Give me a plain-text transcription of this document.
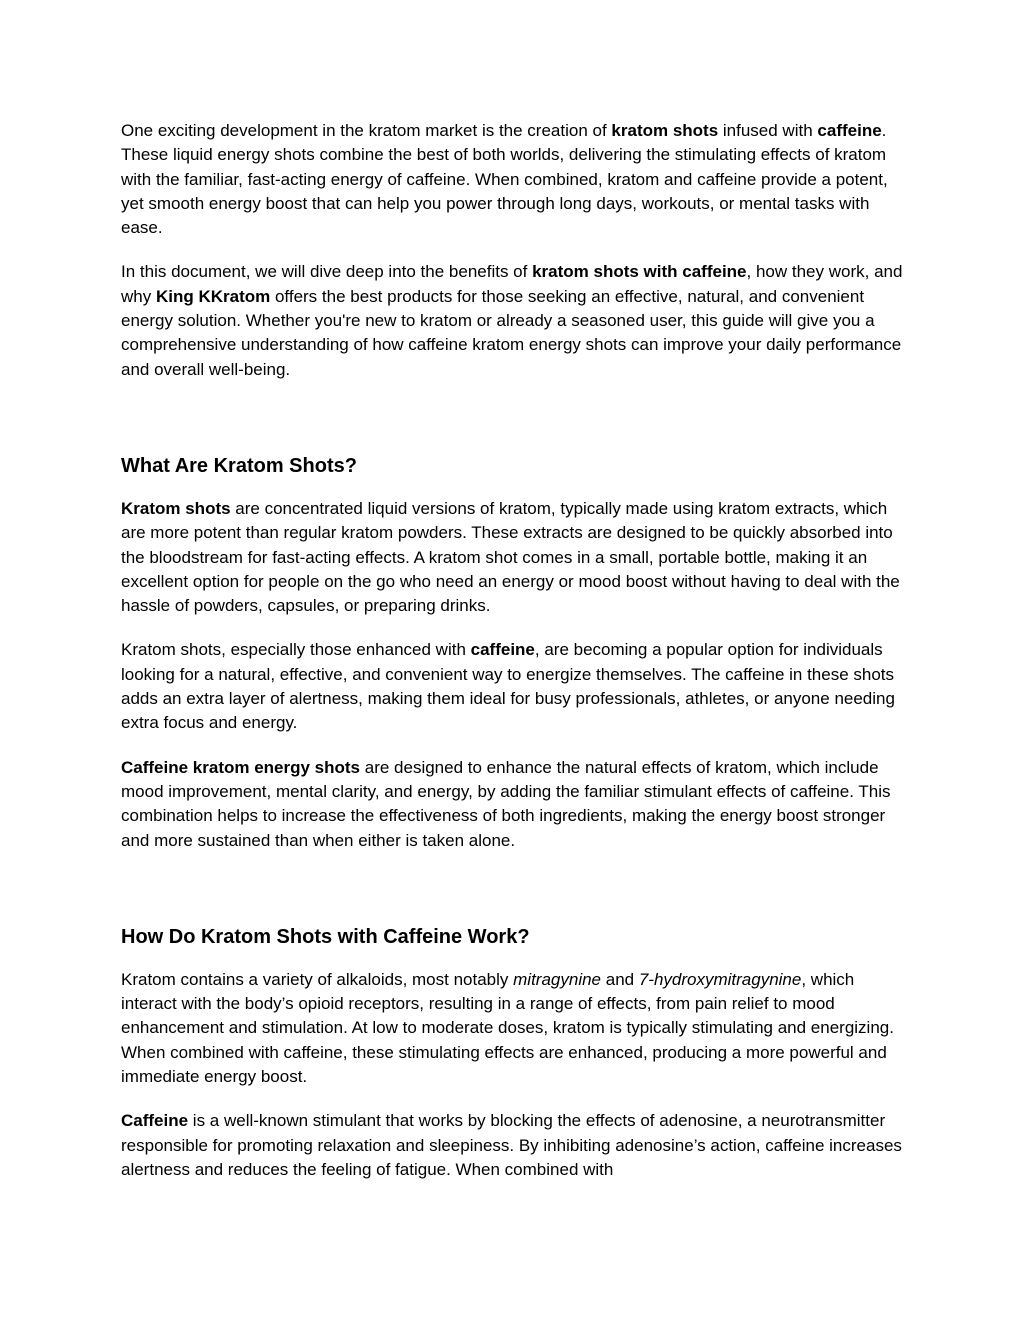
One exciting development in the kratom market is the creation of kratom shots infused with caffeine. These liquid energy shots combine the best of both worlds, delivering the stimulating effects of kratom with the familiar, fast-acting energy of caffeine. When combined, kratom and caffeine provide a potent, yet smooth energy boost that can help you power through long days, workouts, or mental tasks with ease.

In this document, we will dive deep into the benefits of kratom shots with caffeine, how they work, and why King KKratom offers the best products for those seeking an effective, natural, and convenient energy solution. Whether you're new to kratom or already a seasoned user, this guide will give you a comprehensive understanding of how caffeine kratom energy shots can improve your daily performance and overall well-being.

What Are Kratom Shots?

Kratom shots are concentrated liquid versions of kratom, typically made using kratom extracts, which are more potent than regular kratom powders. These extracts are designed to be quickly absorbed into the bloodstream for fast-acting effects. A kratom shot comes in a small, portable bottle, making it an excellent option for people on the go who need an energy or mood boost without having to deal with the hassle of powders, capsules, or preparing drinks.

Kratom shots, especially those enhanced with caffeine, are becoming a popular option for individuals looking for a natural, effective, and convenient way to energize themselves. The caffeine in these shots adds an extra layer of alertness, making them ideal for busy professionals, athletes, or anyone needing extra focus and energy.

Caffeine kratom energy shots are designed to enhance the natural effects of kratom, which include mood improvement, mental clarity, and energy, by adding the familiar stimulant effects of caffeine. This combination helps to increase the effectiveness of both ingredients, making the energy boost stronger and more sustained than when either is taken alone.

How Do Kratom Shots with Caffeine Work?

Kratom contains a variety of alkaloids, most notably mitragynine and 7-hydroxymitragynine, which interact with the body’s opioid receptors, resulting in a range of effects, from pain relief to mood enhancement and stimulation. At low to moderate doses, kratom is typically stimulating and energizing. When combined with caffeine, these stimulating effects are enhanced, producing a more powerful and immediate energy boost.

Caffeine is a well-known stimulant that works by blocking the effects of adenosine, a neurotransmitter responsible for promoting relaxation and sleepiness. By inhibiting adenosine’s action, caffeine increases alertness and reduces the feeling of fatigue. When combined with
